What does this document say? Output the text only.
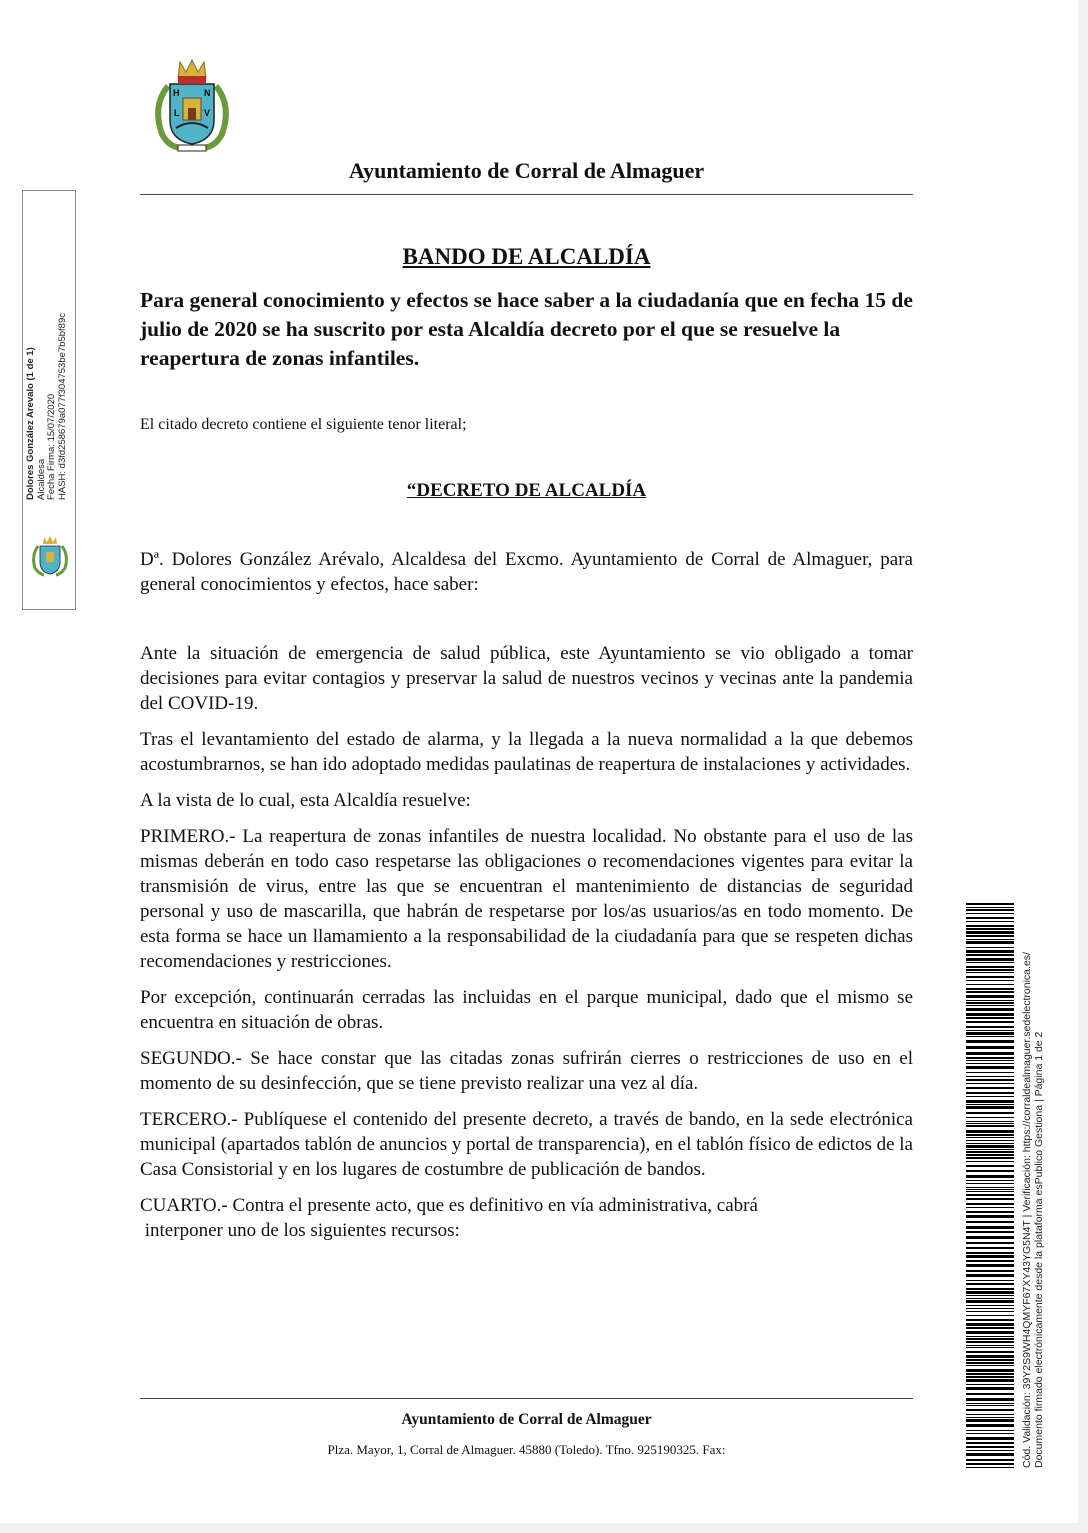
H	N
L	V
Ayuntamiento de Corral de Almaguer
BANDO DE ALCALDÍA
Para general conocimiento y efectos se hace saber a la ciudadanía que en fecha 15 de julio de 2020 se ha suscrito por esta Alcaldía decreto por el que se resuelve la reapertura de zonas infantiles.
El citado decreto contiene el siguiente tenor literal;
“DECRETO DE ALCALDÍA

Dª. Dolores González Arévalo, Alcaldesa del Excmo. Ayuntamiento de Corral de Almaguer, para general conocimientos y efectos, hace saber:

Ante la situación de emergencia de salud pública, este Ayuntamiento se vio obligado a tomar decisiones para evitar contagios y preservar la salud de nuestros vecinos y vecinas ante la pandemia del COVID-19.

Tras el levantamiento del estado de alarma, y la llegada a la nueva normalidad a la que debemos acostumbrarnos, se han ido adoptado medidas paulatinas de reapertura de instalaciones y actividades.

A la vista de lo cual, esta Alcaldía resuelve:

PRIMERO.- La reapertura de zonas infantiles de nuestra localidad. No obstante para el uso de las mismas deberán en todo caso respetarse las obligaciones o recomendaciones vigentes para evitar la transmisión de virus, entre las que se encuentran el mantenimiento de distancias de seguridad personal y uso de mascarilla, que habrán de respetarse por los/as usuarios/as en todo momento. De esta forma se hace un llamamiento a la responsabilidad de la ciudadanía para que se respeten dichas recomendaciones y restricciones.

Por excepción, continuarán cerradas las incluidas en el parque municipal, dado que el mismo se encuentra en situación de obras.

SEGUNDO.- Se hace constar que las citadas zonas sufrirán cierres o restricciones de uso en el momento de su desinfección, que se tiene previsto realizar una vez al día.

TERCERO.- Publíquese el contenido del presente decreto, a través de bando, en la sede electrónica municipal (apartados tablón de anuncios y portal de transparencia), en el tablón físico de edictos de la Casa Consistorial y en los lugares de costumbre de publicación de bandos.

CUARTO.- Contra el presente acto, que es definitivo en vía administrativa, cabrá
interponer uno de los siguientes recursos:

Ayuntamiento de Corral de Almaguer
Plza. Mayor, 1, Corral de Almaguer. 45880 (Toledo). Tfno. 925190325. Fax:
Dolores González Arevalo (1 de 1) Alcaldesa Fecha Firma: 15/07/2020 HASH: d3fd258679a077f304753be7b5bf89c
Cód. Validación: 39Y2S9WH4QMYF67XY43YG5N4T | Verificación: https://corraldealmaguer.sedelectronica.es/ Documento firmado electrónicamente desde la plataforma esPublico Gestiona | Página 1 de 2
